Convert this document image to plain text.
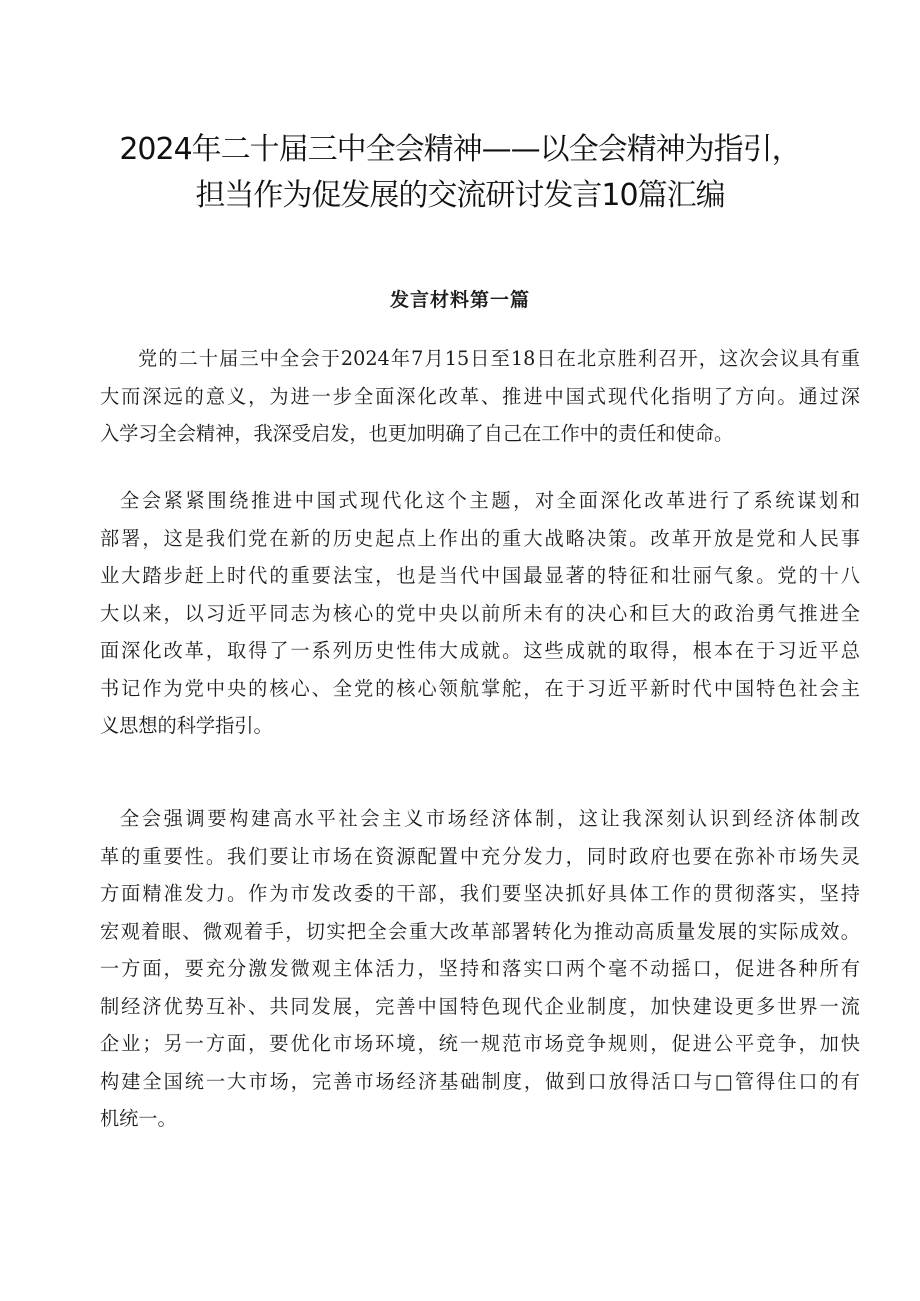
2024年二十届三中全会精神——以全会精神为指引，
担当作为促发展的交流研讨发言10篇汇编
发言材料第一篇

党的二十届三中全会于2024年7月15日至18日在北京胜利召开，这次会议具有重
大而深远的意义，为进一步全面深化改革、推进中国式现代化指明了方向。通过深
入学习全会精神，我深受启发，也更加明确了自己在工作中的责任和使命。

全会紧紧围绕推进中国式现代化这个主题，对全面深化改革进行了系统谋划和
部署，这是我们党在新的历史起点上作出的重大战略决策。改革开放是党和人民事
业大踏步赶上时代的重要法宝，也是当代中国最显著的特征和壮丽气象。党的十八
大以来，以习近平同志为核心的党中央以前所未有的决心和巨大的政治勇气推进全
面深化改革，取得了一系列历史性伟大成就。这些成就的取得，根本在于习近平总
书记作为党中央的核心、全党的核心领航掌舵，在于习近平新时代中国特色社会主
义思想的科学指引。

全会强调要构建高水平社会主义市场经济体制，这让我深刻认识到经济体制改
革的重要性。我们要让市场在资源配置中充分发力，同时政府也要在弥补市场失灵
方面精准发力。作为市发改委的干部，我们要坚决抓好具体工作的贯彻落实，坚持
宏观着眼、微观着手，切实把全会重大改革部署转化为推动高质量发展的实际成效。
一方面，要充分激发微观主体活力，坚持和落实口两个毫不动摇口，促进各种所有
制经济优势互补、共同发展，完善中国特色现代企业制度，加快建设更多世界一流
企业；另一方面，要优化市场环境，统一规范市场竞争规则，促进公平竞争，加快
构建全国统一大市场，完善市场经济基础制度，做到口放得活口与□管得住口的有
机统一。
